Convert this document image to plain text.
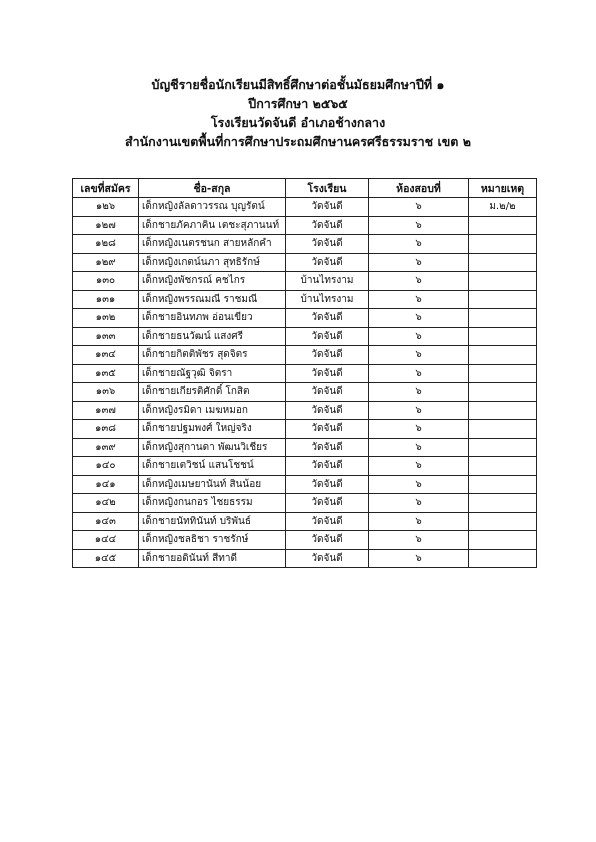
บัญชีรายชื่อนักเรียนมีสิทธิ์ศึกษาต่อชั้นมัธยมศึกษาปีที่ ๑
ปีการศึกษา ๒๕๖๕
โรงเรียนวัดจันดี อำเภอช้างกลาง
สำนักงานเขตพื้นที่การศึกษาประถมศึกษานครศรีธรรมราช เขต ๒
เลขที่สมัคร	ชื่อ-สกุล	โรงเรียน	ห้องสอบที่	หมายเหตุ
๑๒๖	เด็กหญิงลัลดาวรรณ บุญรัตน์	วัดจันดี	๖	ม.๒/๒
๑๒๗	เด็กชายภัคภาคิน เตชะสุภานนท์	วัดจันดี	๖	
๑๒๘	เด็กหญิงเนตรชนก สายหลักคำ	วัดจันดี	๖	
๑๒๙	เด็กหญิงเกตน์นภา สุทธิรักษ์	วัดจันดี	๖	
๑๓๐	เด็กหญิงพัชกรณ์ คชไกร	บ้านไทรงาม	๖	
๑๓๑	เด็กหญิงพรรณมณี ราชมณี	บ้านไทรงาม	๖	
๑๓๒	เด็กชายอินทภพ อ่อนเขียว	วัดจันดี	๖	
๑๓๓	เด็กชายธนวัฒน์ แสงศรี	วัดจันดี	๖	
๑๓๔	เด็กชายกิตติพัชร สุดจิตร	วัดจันดี	๖	
๑๓๕	เด็กชายณัฐวุฒิ จิตรา	วัดจันดี	๖	
๑๓๖	เด็กชายเกียรติศักดิ์ โกสิต	วัดจันดี	๖	
๑๓๗	เด็กหญิงรมิดา เมฆหมอก	วัดจันดี	๖	
๑๓๘	เด็กชายปฐมพงศ์ ใหญ่จริง	วัดจันดี	๖	
๑๓๙	เด็กหญิงสุกานดา พัฒนวิเชียร	วัดจันดี	๖	
๑๔๐	เด็กชายเตวิชน์ แสนโชชน์	วัดจันดี	๖	
๑๔๑	เด็กหญิงเมษยานันท์ สินน้อย	วัดจันดี	๖	
๑๔๒	เด็กหญิงกนกอร ไชยธรรม	วัดจันดี	๖	
๑๔๓	เด็กชายนัททินันท์ บริพันธ์	วัดจันดี	๖	
๑๔๔	เด็กหญิงชลธิชา ราชรักษ์	วัดจันดี	๖	
๑๔๕	เด็กชายอดินันท์ สีทาดี	วัดจันดี	๖	
